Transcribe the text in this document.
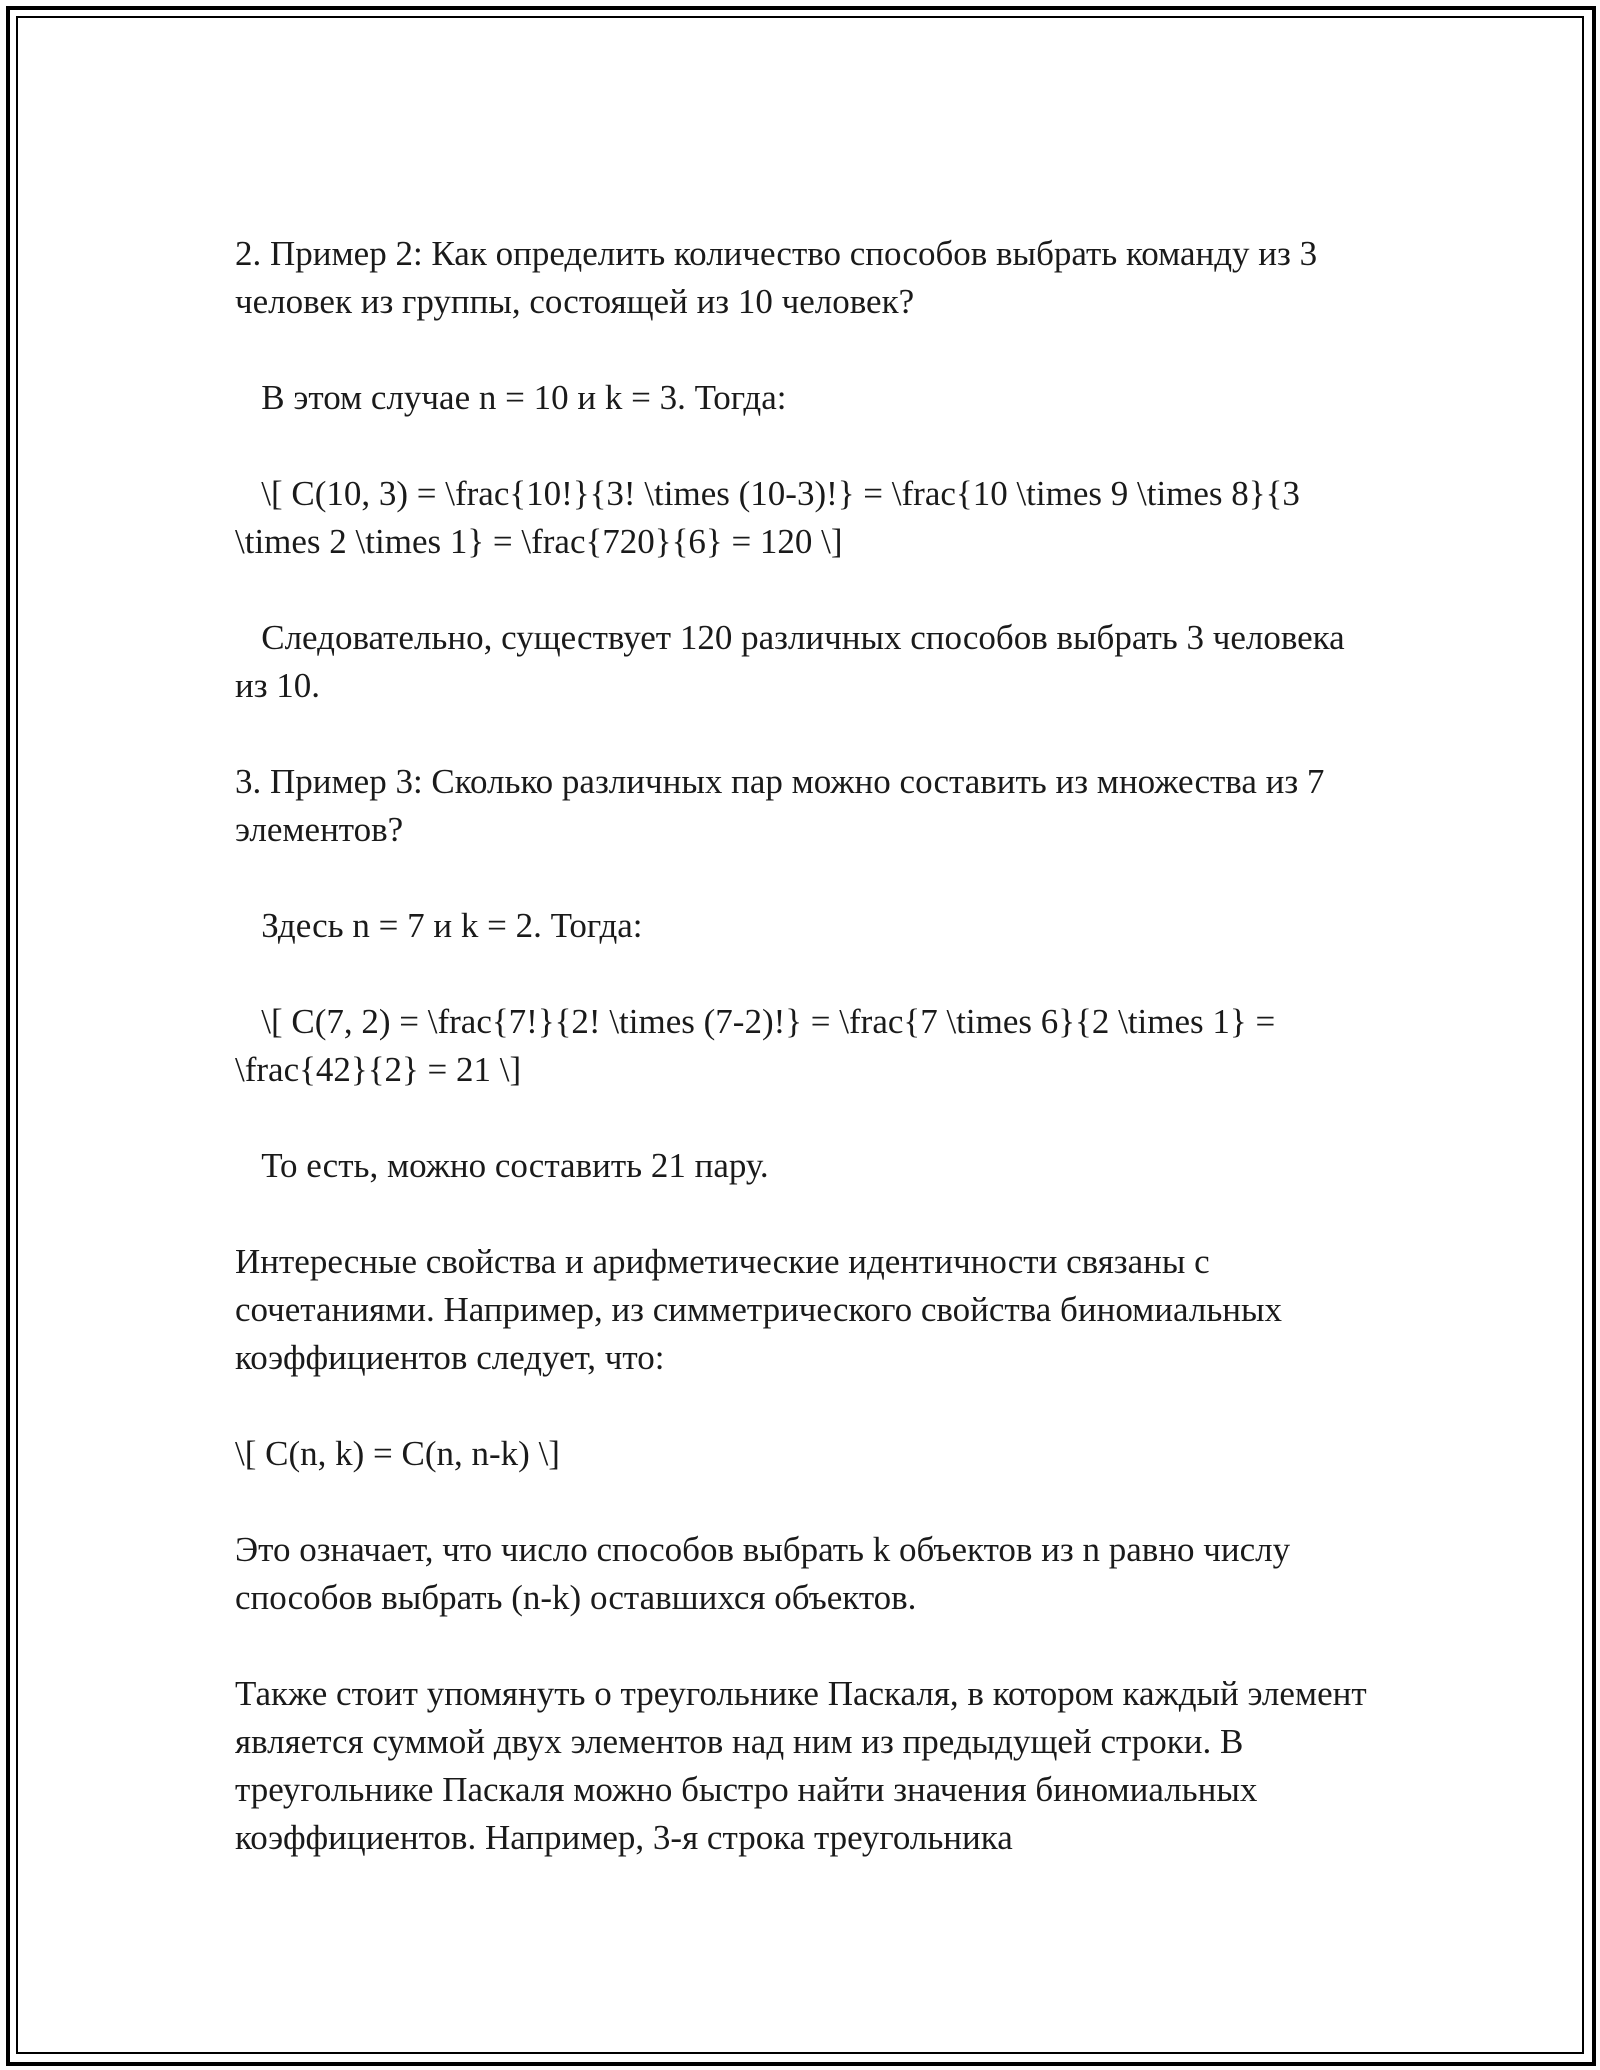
2. Пример 2: Как определить количество способов выбрать команду из 3 человек из группы, состоящей из 10 человек?

В этом случае n = 10 и k = 3. Тогда:

\[ C(10, 3) = \frac{10!}{3! \times (10-3)!} = \frac{10 \times 9 \times 8}{3 \times 2 \times 1} = \frac{720}{6} = 120 \]

Следовательно, существует 120 различных способов выбрать 3 человека из 10.

3. Пример 3: Сколько различных пар можно составить из множества из 7 элементов?

Здесь n = 7 и k = 2. Тогда:

\[ C(7, 2) = \frac{7!}{2! \times (7-2)!} = \frac{7 \times 6}{2 \times 1} = \frac{42}{2} = 21 \]

То есть, можно составить 21 пару.

Интересные свойства и арифметические идентичности связаны с сочетаниями. Например, из симметрического свойства биномиальных коэффициентов следует, что:

\[ C(n, k) = C(n, n-k) \]

Это означает, что число способов выбрать k объектов из n равно числу способов выбрать (n-k) оставшихся объектов.

Также стоит упомянуть о треугольнике Паскаля, в котором каждый элемент является суммой двух элементов над ним из предыдущей строки. В треугольнике Паскаля можно быстро найти значения биномиальных коэффициентов. Например, 3-я строка треугольника
